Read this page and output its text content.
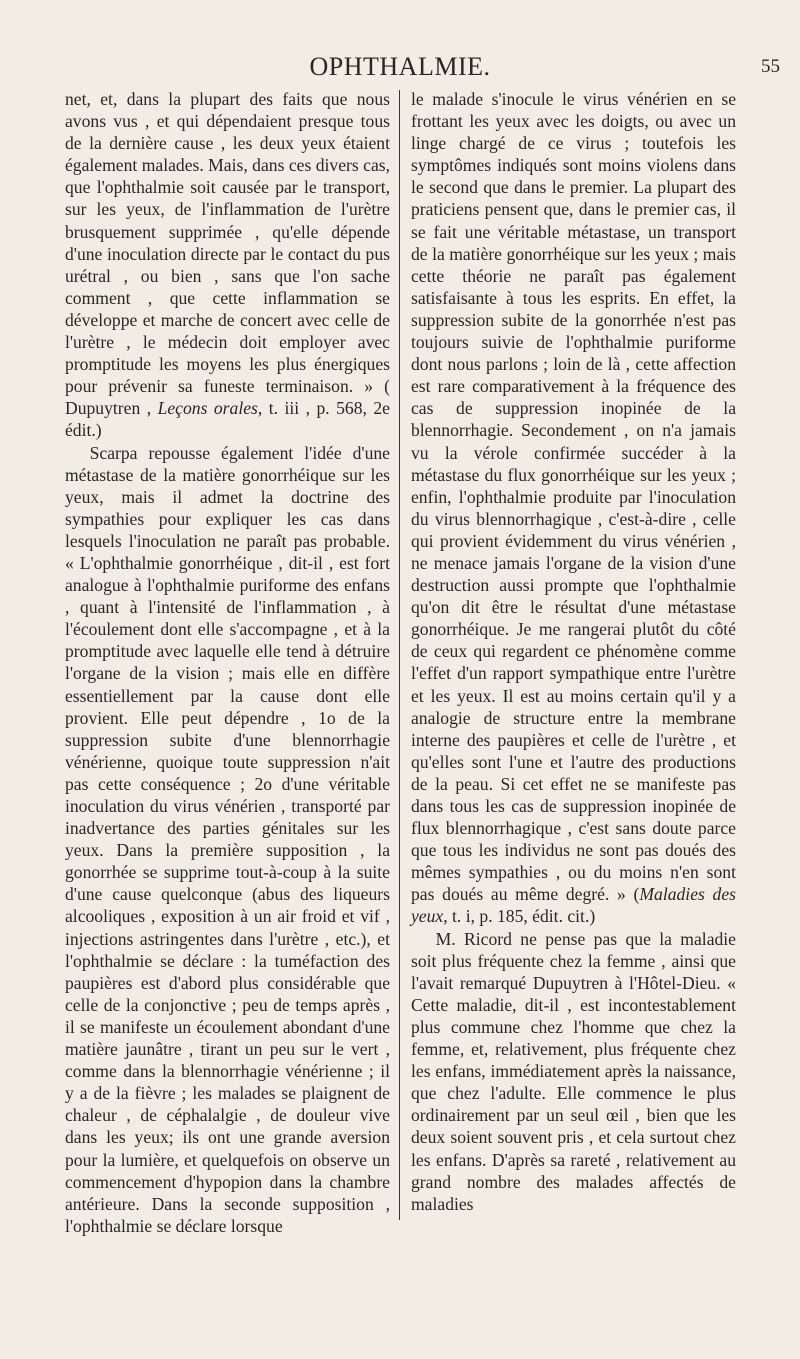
OPHTHALMIE.	55

net, et, dans la plupart des faits que nous avons vus , et qui dépendaient presque tous de la dernière cause , les deux yeux étaient également malades. Mais, dans ces divers cas, que l'ophthalmie soit causée par le transport, sur les yeux, de l'inflammation de l'urètre brusquement supprimée , qu'elle dépende d'une inoculation directe par le contact du pus urétral , ou bien , sans que l'on sache comment , que cette inflammation se développe et marche de concert avec celle de l'urètre , le médecin doit employer avec promptitude les moyens les plus énergiques pour prévenir sa funeste terminaison. » ( Dupuytren , Leçons orales, t. iii , p. 568, 2e édit.)

Scarpa repousse également l'idée d'une métastase de la matière gonorrhéique sur les yeux, mais il admet la doctrine des sympathies pour expliquer les cas dans lesquels l'inoculation ne paraît pas probable. « L'ophthalmie gonorrhéique , dit-il , est fort analogue à l'ophthalmie puriforme des enfans , quant à l'intensité de l'inflammation , à l'écoulement dont elle s'accompagne , et à la promptitude avec laquelle elle tend à détruire l'organe de la vision ; mais elle en diffère essentiellement par la cause dont elle provient. Elle peut dépendre , 1o de la suppression subite d'une blennorrhagie vénérienne, quoique toute suppression n'ait pas cette conséquence ; 2o d'une véritable inoculation du virus vénérien , transporté par inadvertance des parties génitales sur les yeux. Dans la première supposition , la gonorrhée se supprime tout-à-coup à la suite d'une cause quelconque (abus des liqueurs alcooliques , exposition à un air froid et vif , injections astringentes dans l'urètre , etc.), et l'ophthalmie se déclare : la tuméfaction des paupières est d'abord plus considérable que celle de la conjonctive ; peu de temps après , il se manifeste un écoulement abondant d'une matière jaunâtre , tirant un peu sur le vert , comme dans la blennorrhagie vénérienne ; il y a de la fièvre ; les malades se plaignent de chaleur , de céphalalgie , de douleur vive dans les yeux; ils ont une grande aversion pour la lumière, et quelquefois on observe un commencement d'hypopion dans la chambre antérieure. Dans la seconde supposition , l'ophthalmie se déclare lorsque

le malade s'inocule le virus vénérien en se frottant les yeux avec les doigts, ou avec un linge chargé de ce virus ; toutefois les symptômes indiqués sont moins violens dans le second que dans le premier. La plupart des praticiens pensent que, dans le premier cas, il se fait une véritable métastase, un transport de la matière gonorrhéique sur les yeux ; mais cette théorie ne paraît pas également satisfaisante à tous les esprits. En effet, la suppression subite de la gonorrhée n'est pas toujours suivie de l'ophthalmie puriforme dont nous parlons ; loin de là , cette affection est rare comparativement à la fréquence des cas de suppression inopinée de la blennorrhagie. Secondement , on n'a jamais vu la vérole confirmée succéder à la métastase du flux gonorrhéique sur les yeux ; enfin, l'ophthalmie produite par l'inoculation du virus blennorrhagique , c'est-à-dire , celle qui provient évidemment du virus vénérien , ne menace jamais l'organe de la vision d'une destruction aussi prompte que l'ophthalmie qu'on dit être le résultat d'une métastase gonorrhéique. Je me rangerai plutôt du côté de ceux qui regardent ce phénomène comme l'effet d'un rapport sympathique entre l'urètre et les yeux. Il est au moins certain qu'il y a analogie de structure entre la membrane interne des paupières et celle de l'urètre , et qu'elles sont l'une et l'autre des productions de la peau. Si cet effet ne se manifeste pas dans tous les cas de suppression inopinée de flux blennorrhagique , c'est sans doute parce que tous les individus ne sont pas doués des mêmes sympathies , ou du moins n'en sont pas doués au même degré. » (Maladies des yeux, t. i, p. 185, édit. cit.)

M. Ricord ne pense pas que la maladie soit plus fréquente chez la femme , ainsi que l'avait remarqué Dupuytren à l'Hôtel-Dieu. « Cette maladie, dit-il , est incontestablement plus commune chez l'homme que chez la femme, et, relativement, plus fréquente chez les enfans, immédiatement après la naissance, que chez l'adulte. Elle commence le plus ordinairement par un seul œil , bien que les deux soient souvent pris , et cela surtout chez les enfans. D'après sa rareté , relativement au grand nombre des malades affectés de maladies
